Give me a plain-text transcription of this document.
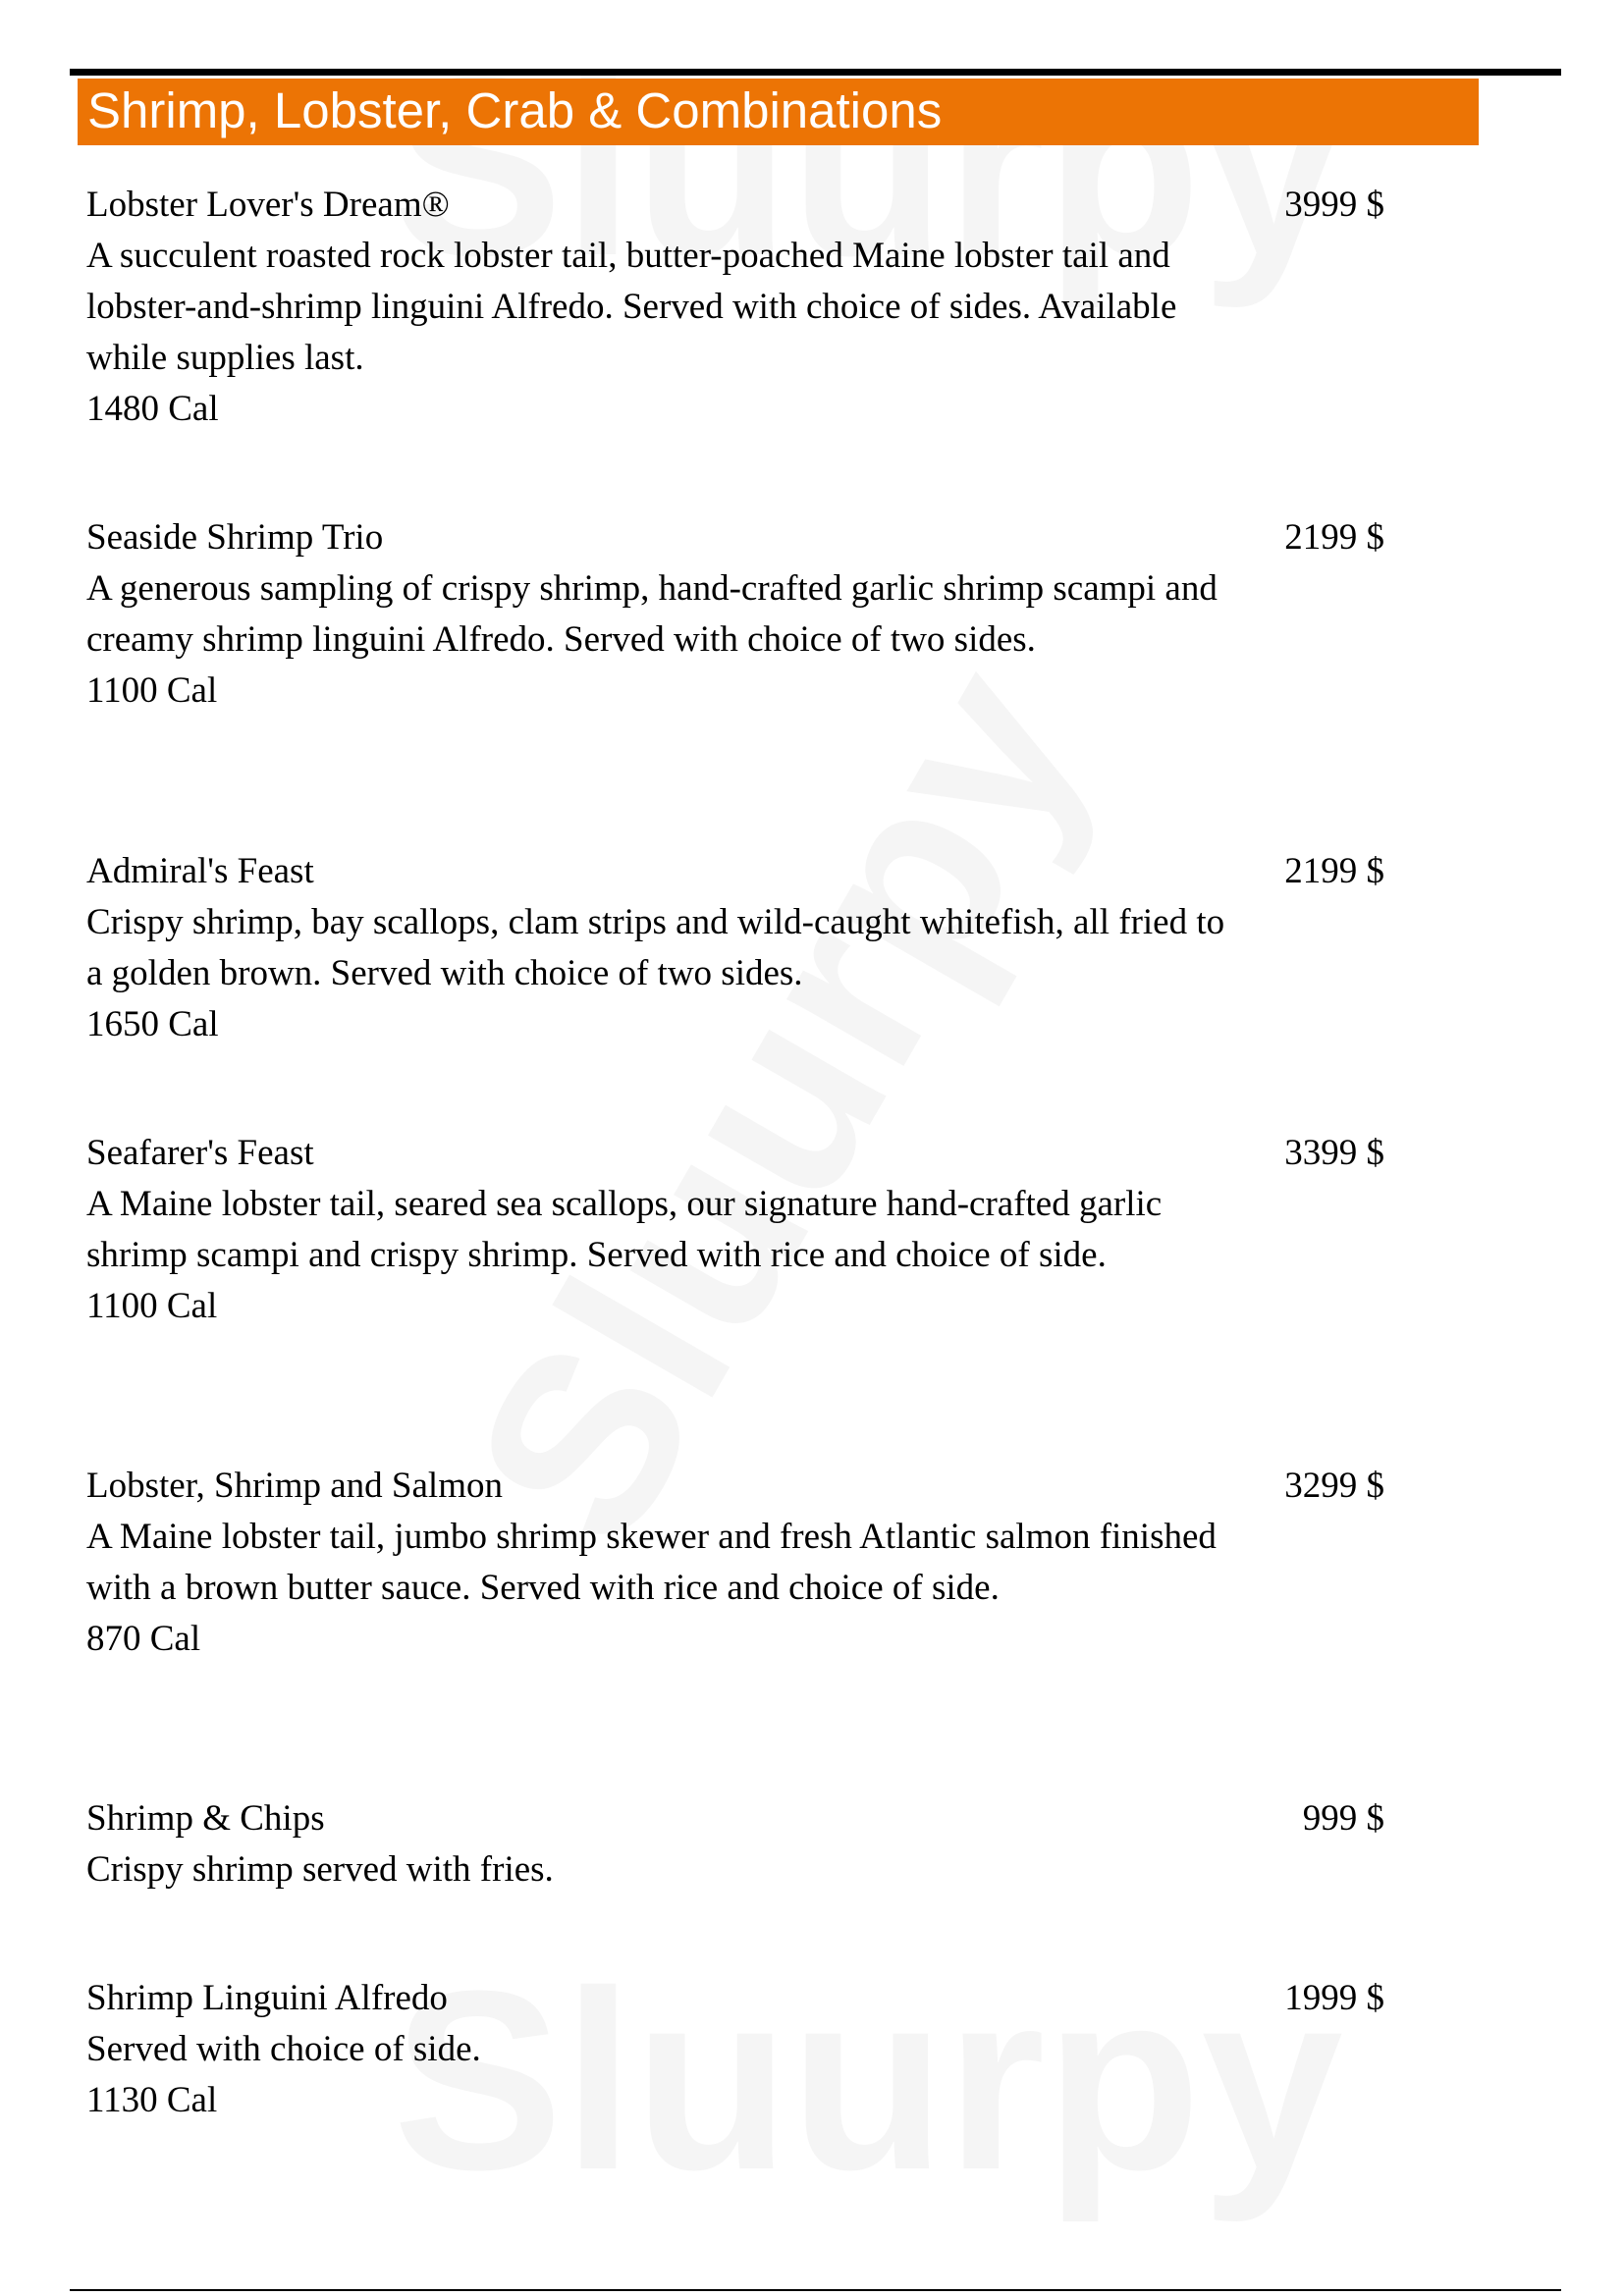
Shrimp, Lobster, Crab & Combinations
Lobster Lover's Dream®
A succulent roasted rock lobster tail, butter-poached Maine lobster tail and lobster-and-shrimp linguini Alfredo. Served with choice of sides. Available while supplies last.
1480 Cal
3999 $
Seaside Shrimp Trio
A generous sampling of crispy shrimp, hand-crafted garlic shrimp scampi and creamy shrimp linguini Alfredo. Served with choice of two sides.
1100 Cal
2199 $
Admiral's Feast
Crispy shrimp, bay scallops, clam strips and wild-caught whitefish, all fried to a golden brown. Served with choice of two sides.
1650 Cal
2199 $
Seafarer's Feast
A Maine lobster tail, seared sea scallops, our signature hand-crafted garlic shrimp scampi and crispy shrimp. Served with rice and choice of side.
1100 Cal
3399 $
Lobster, Shrimp and Salmon
A Maine lobster tail, jumbo shrimp skewer and fresh Atlantic salmon finished with a brown butter sauce. Served with rice and choice of side.
870 Cal
3299 $
Shrimp & Chips
Crispy shrimp served with fries.
999 $
Shrimp Linguini Alfredo
Served with choice of side.
1130 Cal
1999 $
